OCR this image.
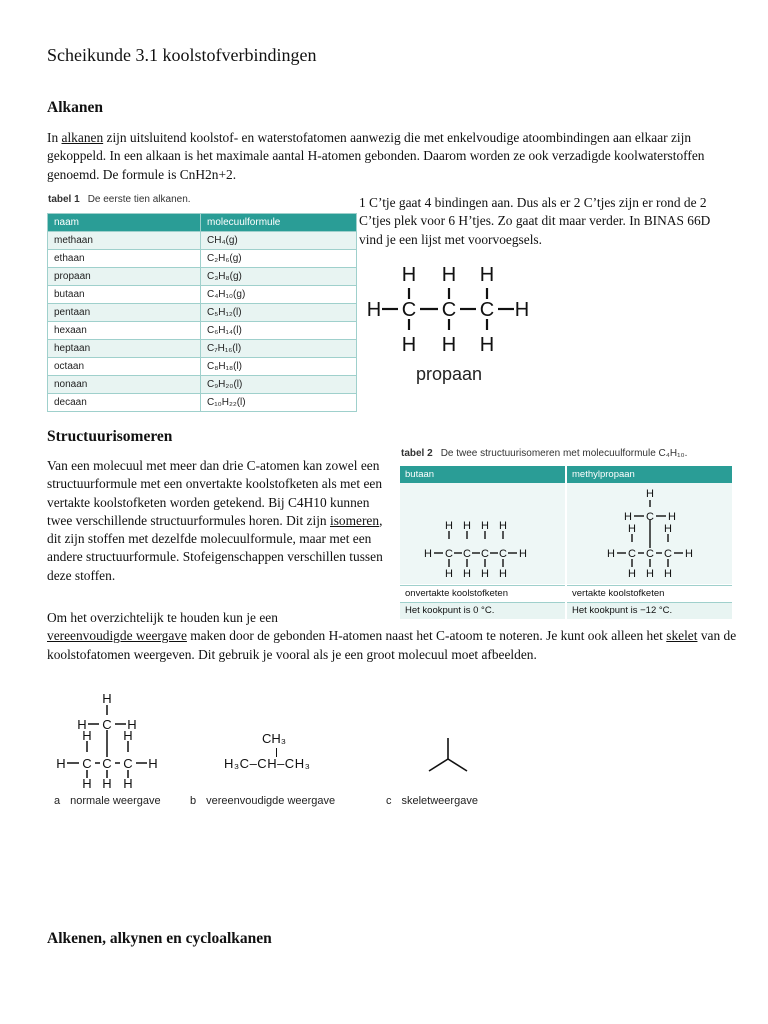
Scheikunde 3.1 koolstofverbindingen
Alkanen
In alkanen zijn uitsluitend koolstof- en waterstofatomen aanwezig die met enkelvoudige atoombindingen aan elkaar zijn gekoppeld. In een alkaan is het maximale aantal H-atomen gebonden. Daarom worden ze ook verzadigde koolwaterstoffen genoemd. De formule is CnH2n+2.
tabel 1 De eerste tien alkanen.
naam	molecuulformule
methaan	CH₄(g)
ethaan	C₂H₆(g)
propaan	C₃H₈(g)
butaan	C₄H₁₀(g)
pentaan	C₅H₁₂(l)
hexaan	C₆H₁₄(l)
heptaan	C₇H₁₆(l)
octaan	C₈H₁₈(l)
nonaan	C₉H₂₀(l)
decaan	C₁₀H₂₂(l)
1 C’tje gaat 4 bindingen aan. Dus als er 2 C’tjes zijn er rond de 2 C’tjes plek voor 6 H’tjes. Zo gaat dit maar verder. In BINAS 66D vind je een lijst met voorvoegsels.
H H H
H C C C H
H H H
propaan
Structuurisomeren
Van een molecuul met meer dan drie C-atomen kan zowel een structuurformule met een onvertakte koolstofketen als met een vertakte koolstofketen worden getekend. Bij C4H10 kunnen twee verschillende structuurformules horen. Dit zijn isomeren, dit zijn stoffen met dezelfde molecuulformule, maar met een andere structuurformule. Stofeigenschappen verschillen tussen deze stoffen.
tabel 2 De twee structuurisomeren met molecuulformule C₄H₁₀.
butaan	methylpropaan
H H H H
H C C C C H
H H H H
H
H C H
H	H
H C C C H
H H H
onvertakte koolstofketen	vertakte koolstofketen
Het kookpunt is 0 °C.	Het kookpunt is −12 °C.
Om het overzichtelijk te houden kun je een
vereenvoudigde weergave maken door de gebonden H-atomen naast het C-atoom te noteren. Je kunt ook alleen het skelet van de koolstofatomen weergeven. Dit gebruik je vooral als je een groot molecuul moet afbeelden.
H
H C H
H H
H C C C H
H H H
a normale weergave
CH₃
H₃C–CH–CH₃
b vereenvoudigde weergave	c skeletweergave
Alkenen, alkynen en cycloalkanen
